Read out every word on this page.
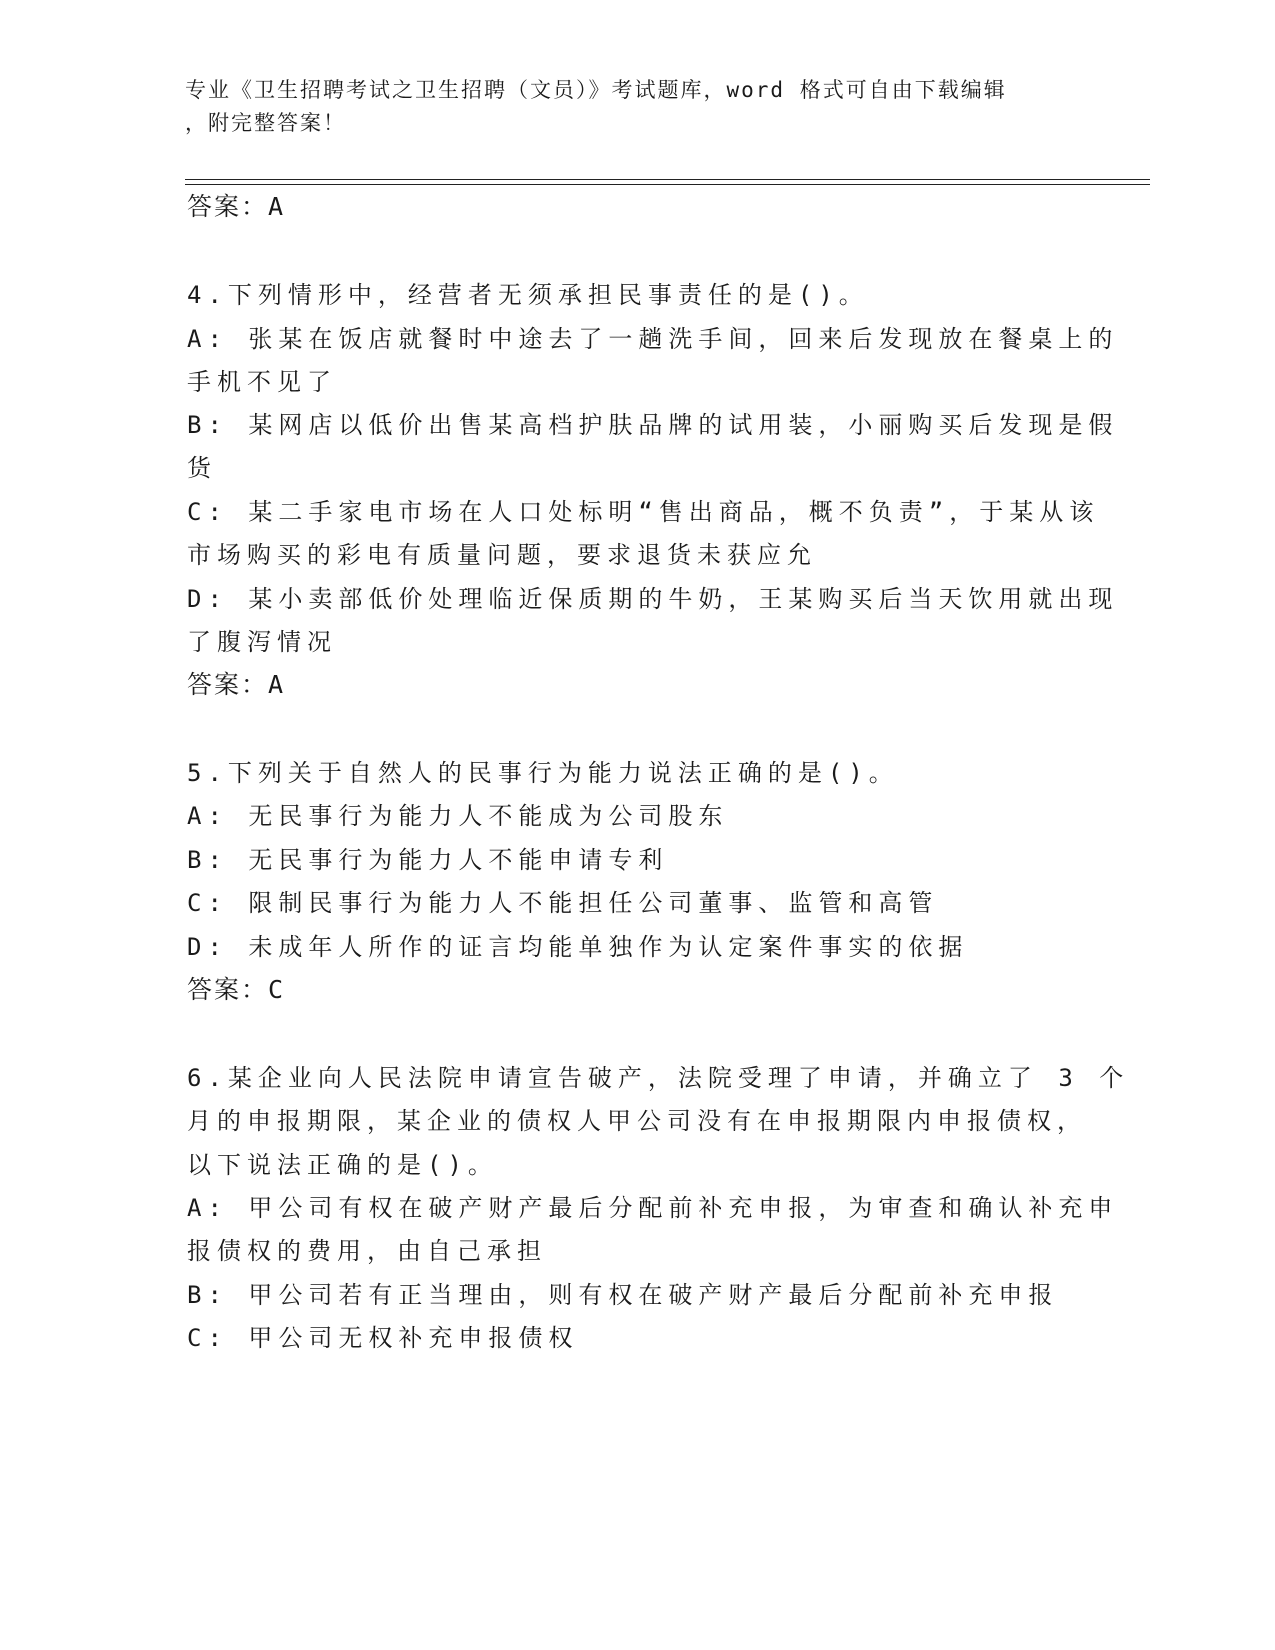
专业《卫生招聘考试之卫生招聘（文员）》考试题库，word 格式可自由下载编辑
，附完整答案！
答案：A
4.下列情形中，经营者无须承担民事责任的是()。
A: 张某在饭店就餐时中途去了一趟洗手间，回来后发现放在餐桌上的
手机不见了
B: 某网店以低价出售某高档护肤品牌的试用装，小丽购买后发现是假
货
C: 某二手家电市场在人口处标明“售出商品，概不负责”，于某从该
市场购买的彩电有质量问题，要求退货未获应允
D: 某小卖部低价处理临近保质期的牛奶，王某购买后当天饮用就出现
了腹泻情况
答案：A
5.下列关于自然人的民事行为能力说法正确的是()。
A: 无民事行为能力人不能成为公司股东
B: 无民事行为能力人不能申请专利
C: 限制民事行为能力人不能担任公司董事、监管和高管
D: 未成年人所作的证言均能单独作为认定案件事实的依据
答案：C
6.某企业向人民法院申请宣告破产，法院受理了申请，并确立了 3 个
月的申报期限，某企业的债权人甲公司没有在申报期限内申报债权，
以下说法正确的是()。
A: 甲公司有权在破产财产最后分配前补充申报，为审查和确认补充申
报债权的费用，由自己承担
B: 甲公司若有正当理由，则有权在破产财产最后分配前补充申报
C: 甲公司无权补充申报债权
